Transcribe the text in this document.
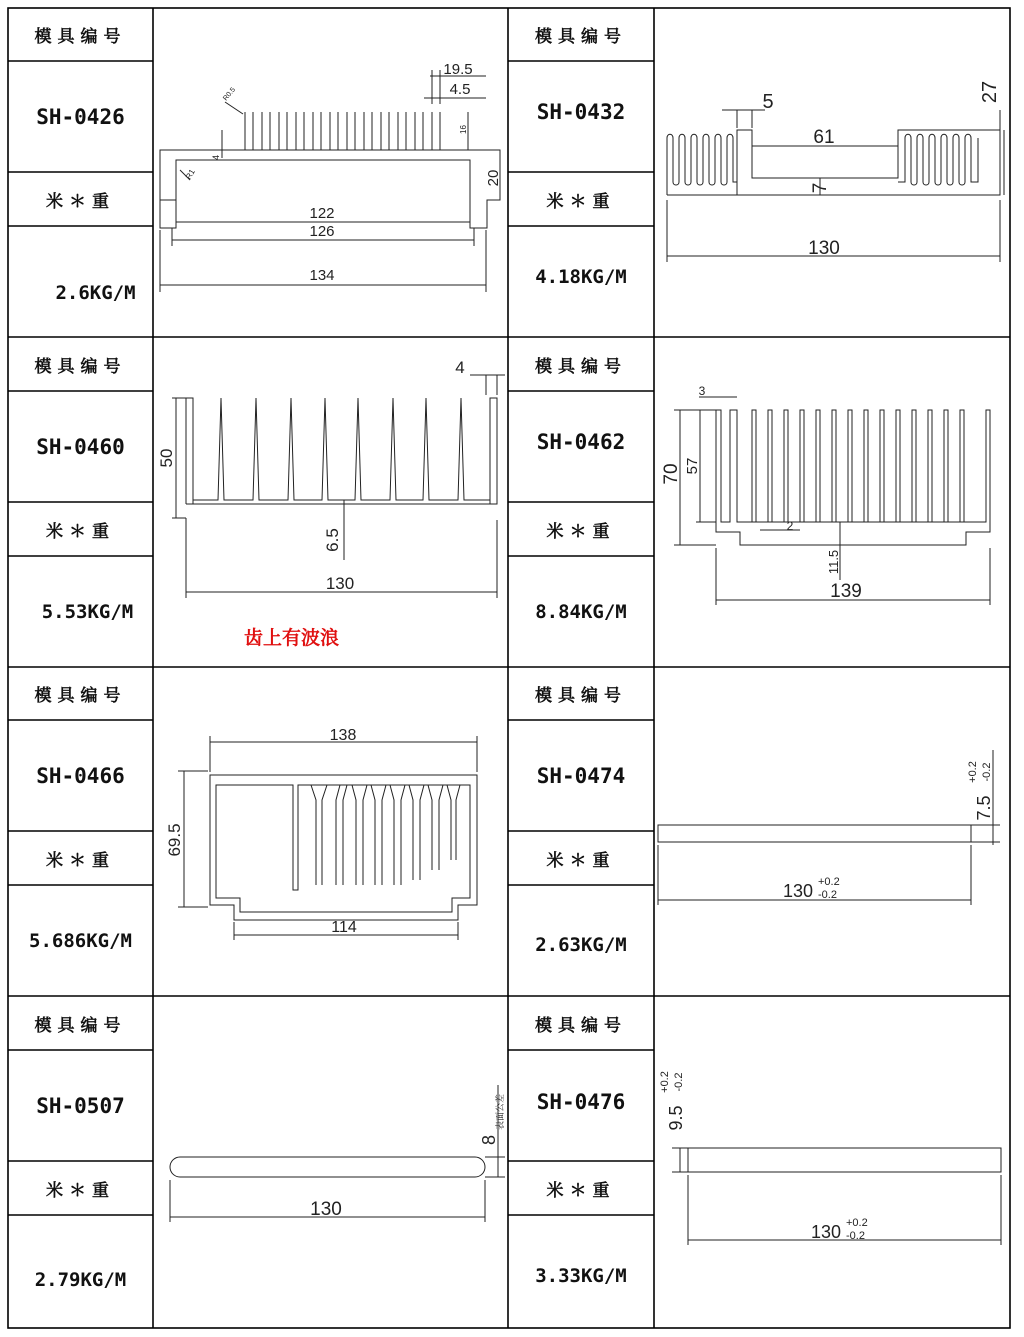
模具编号
SH-0426
米＊重
2.6KG/M
模具编号
SH-0432
米＊重
4.18KG/M
模具编号
SH-0460
米＊重
5.53KG/M
模具编号
SH-0462
米＊重
8.84KG/M
模具编号
SH-0466
米＊重
5.686KG/M
模具编号
SH-0474
米＊重
2.63KG/M
模具编号
SH-0507
米＊重
2.79KG/M
模具编号
SH-0476
米＊重
3.33KG/M
19.5
4.5
R0.5
16
4
R1	20
122
126
134
5	27
61
7
130
4
50
6.5
130
3
70 57
2
11.5
139
138
69.5
114
7.5
+0.2 -0.2
130 +0.2
-0.2
8
表面公差
130
9.5
+0.2 -0.2
130 +0.2
-0.2
齿上有波浪
